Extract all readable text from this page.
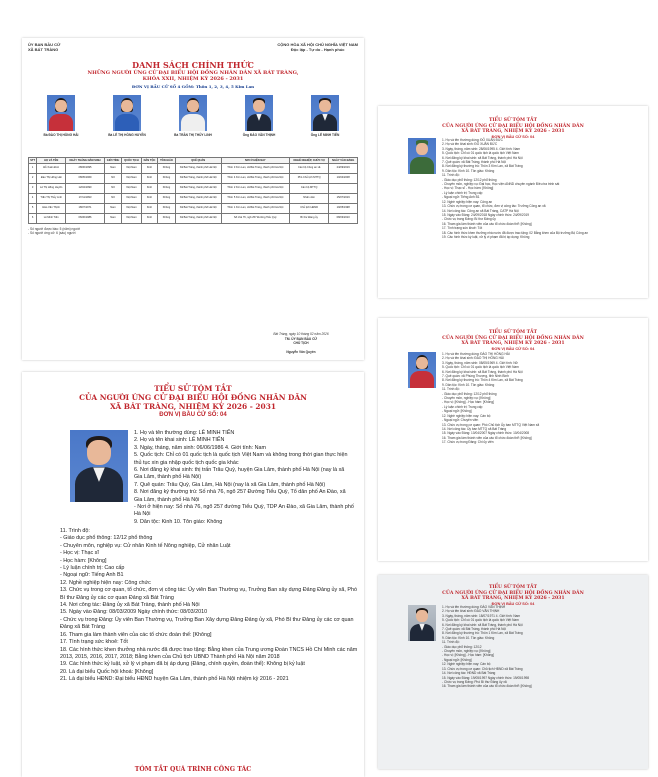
ỦY BAN BẦU CỬ
XÃ BÁT TRÀNG
CỘNG HÒA XÃ HỘI CHỦ NGHĨA VIỆT NAM
Độc lập - Tự do - Hạnh phúc
DANH SÁCH CHÍNH THỨC
NHỮNG NGƯỜI ỨNG CỬ ĐẠI BIỂU HỘI ĐỒNG NHÂN DÂN XÃ BÁT TRÀNG,
KHÓA XXII, NHIỆM KỲ 2026 - 2031
ĐƠN VỊ BẦU CỬ SỐ 4 GỒM: Thôn 1, 2, 3, 4, 5 Kim Lan
Bà ĐÀO THỊ HỒNG HẢI	Bà LÊ THỊ HỒNG HUYỀN	Bà TRẦN THỊ THỦY LINH	Ông ĐÀO VĂN THỊNH	Ông LÊ MINH TIẾN
STT	HỌ VÀ TÊN	NGÀY THÁNG NĂM SINH	GIỚI TÍNH	QUỐC TỊCH	DÂN TỘC	TÔN GIÁO	QUÊ QUÁN	NƠI Ở HIỆN NAY	NGHỀ NGHIỆP, CHỨC VỤ	NGÀY VÀO ĐẢNG
1	Đỗ Xuân Đức	28/06/1995	Nam	Việt Nam	Kinh	Không	Xã Bát Tràng, thành phố Hà Nội	Thôn 3 Kim Lan, xã Bát Tràng, thành phố Hà Nội	Cán bộ Công an xã	24/09/2019
2	Đào Thị Hồng Hải	08/05/1969	Nữ	Việt Nam	Kinh	Không	Xã Bát Tràng, thành phố Hà Nội	Thôn 4 Kim Lan, xã Bát Tràng, thành phố Hà Nội	Phó Chủ tịch MTTQ	10/04/2008
3	Lê Thị Hồng Huyền	12/04/1990	Nữ	Việt Nam	Kinh	Không	Xã Bát Tràng, thành phố Hà Nội	Thôn 2 Kim Lan, xã Bát Tràng, thành phố Hà Nội	Cán bộ MTTQ	
4	Trần Thị Thủy Linh	17/11/1993	Nữ	Việt Nam	Kinh	Không	Xã Bát Tràng, thành phố Hà Nội	Thôn 5 Kim Lan, xã Bát Tràng, thành phố Hà Nội	Nhân viên	15/07/2019
5	Đào Văn Thịnh	18/07/1971	Nam	Việt Nam	Kinh	Không	Xã Bát Tràng, thành phố Hà Nội	Thôn 1 Kim Lan, xã Bát Tràng, thành phố Hà Nội	Chủ tịch HĐND	19/05/1998
6	Lê Minh Tiến	06/06/1986	Nam	Việt Nam	Kinh	Không	Xã Bát Tràng, thành phố Hà Nội	Số nhà 76, ngõ 257 Đường Tiểu Quỳ	Bí thư Đảng ủy	08/03/2010
- Số người được bầu: 5 (năm) người
- Số người ứng cử: 6 (sáu) người
Bát Tràng, ngày 10 tháng 02 năm 2026
TM. ỦY BAN BẦU CỬ
CHỦ TỊCH
Nguyễn Văn Quyền
TIỂU SỬ TÓM TẮT
CỦA NGƯỜI ỨNG CỬ ĐẠI BIỂU HỘI ĐỒNG NHÂN DÂN
XÃ BÁT TRÀNG, NHIỆM KỲ 2026 - 2031
ĐƠN VỊ BẦU CỬ SỐ: 04
1. Họ và tên thường dùng: LÊ MINH TIẾN
2. Họ và tên khai sinh: LÊ MINH TIẾN
3. Ngày, tháng, năm sinh: 06/06/1986 4. Giới tính: Nam
5. Quốc tịch: Chỉ có 01 quốc tịch là quốc tịch Việt Nam và không trong thời gian thực hiện thủ tục xin gia nhập quốc tịch quốc gia khác
6. Nơi đăng ký khai sinh: thị trấn Trâu Quỳ, huyện Gia Lâm, thành phố Hà Nội (nay là xã Gia Lâm, thành phố Hà Nội)
7. Quê quán: Trâu Quỳ, Gia Lâm, Hà Nội (nay là xã Gia Lâm, thành phố Hà Nội)
8. Nơi đăng ký thường trú: Số nhà 76, ngõ 257 Đường Tiểu Quỳ, Tổ dân phố An Đào, xã Gia Lâm, thành phố Hà Nội
- Nơi ở hiện nay: Số nhà 76, ngõ 257 đường Tiểu Quỳ, TDP An Đào, xã Gia Lâm, thành phố Hà Nội
9. Dân tộc: Kinh 10. Tôn giáo: Không
11. Trình độ:
- Giáo dục phổ thông: 12/12 phổ thông
- Chuyên môn, nghiệp vụ: Cử nhân Kinh tế Nông nghiệp, Cử nhân Luật
- Học vị: Thạc sĩ
- Học hàm: [Không]
- Lý luận chính trị: Cao cấp
- Ngoại ngữ: Tiếng Anh B1
12. Nghề nghiệp hiện nay: Công chức
13. Chức vụ trong cơ quan, tổ chức, đơn vị công tác: Ủy viên Ban Thường vụ, Trưởng Ban xây dựng Đảng Đảng ủy xã, Phó Bí thư Đảng ủy các cơ quan Đảng xã Bát Tràng
14. Nơi công tác: Đảng ủy xã Bát Tràng, thành phố Hà Nội
15. Ngày vào Đảng: 08/03/2009 Ngày chính thức: 08/03/2010
- Chức vụ trong Đảng: Ủy viên Ban Thường vụ, Trưởng Ban Xây dựng Đảng Đảng ủy xã, Phó Bí thư Đảng ủy các cơ quan Đảng xã Bát Tràng
16. Tham gia làm thành viên của các tổ chức đoàn thể: [Không]
17. Tình trạng sức khoẻ: Tốt
18. Các hình thức khen thưởng nhà nước đã được trao tặng: Bằng khen của Trung ương Đoàn TNCS Hồ Chí Minh các năm 2013, 2015, 2016, 2017, 2018; Bằng khen của Chủ tịch UBND Thành phố Hà Nội năm 2018
19. Các hình thức kỷ luật, xử lý vi phạm đã bị áp dụng (Đảng, chính quyền, đoàn thể): Không bị kỷ luật
20. Là đại biểu Quốc hội khoá: [Không]
21. Là đại biểu HĐND: Đại biểu HĐND huyện Gia Lâm, thành phố Hà Nội nhiệm kỳ 2016 - 2021
TÓM TẮT QUÁ TRÌNH CÔNG TÁC
TIỂU SỬ TÓM TẮT
CỦA NGƯỜI ỨNG CỬ ĐẠI BIỂU HỘI ĐỒNG NHÂN DÂN
XÃ BÁT TRÀNG, NHIỆM KỲ 2026 - 2031
ĐƠN VỊ BẦU CỬ SỐ: 04
1. Họ và tên thường dùng: ĐỖ XUÂN ĐỨC
2. Họ và tên khai sinh: ĐỖ XUÂN ĐỨC
3. Ngày, tháng, năm sinh: 28/06/1995 4. Giới tính: Nam
5. Quốc tịch: Chỉ có 01 quốc tịch là quốc tịch Việt Nam
6. Nơi đăng ký khai sinh: xã Bát Tràng, thành phố Hà Nội
7. Quê quán: xã Bát Tràng, thành phố Hà Nội
8. Nơi đăng ký thường trú: Thôn 3 Kim Lan, xã Bát Tràng
9. Dân tộc: Kinh 10. Tôn giáo: Không
11. Trình độ:
- Giáo dục phổ thông: 12/12 phổ thông
- Chuyên môn, nghiệp vụ: Đại học, Học viện ANND chuyên ngành Điều tra trinh sát
- Học vị: Thạc sĩ - Học hàm: [Không]
- Lý luận chính trị: Trung cấp
- Ngoại ngữ: Tiếng Anh B1
12. Nghề nghiệp hiện nay: Công an
13. Chức vụ trong cơ quan, tổ chức, đơn vị công tác: Trưởng Công an xã
14. Nơi công tác: Công an xã Bát Tràng, CATP Hà Nội
15. Ngày vào Đảng: 24/09/2018 Ngày chính thức: 24/09/2019
- Chức vụ trong Đảng: Bí thư Đảng ủy
16. Tham gia làm thành viên của các tổ chức đoàn thể: [Không]
17. Tình trạng sức khoẻ: Tốt
18. Các hình thức khen thưởng nhà nước đã được trao tặng: 02 Bằng khen của Bộ trưởng Bộ Công an
19. Các hình thức kỷ luật, xử lý vi phạm đã bị áp dụng: Không
TIỂU SỬ TÓM TẮT
CỦA NGƯỜI ỨNG CỬ ĐẠI BIỂU HỘI ĐỒNG NHÂN DÂN
XÃ BÁT TRÀNG, NHIỆM KỲ 2026 - 2031
ĐƠN VỊ BẦU CỬ SỐ: 04
1. Họ và tên thường dùng: ĐÀO THỊ HỒNG HẢI
2. Họ và tên khai sinh: ĐÀO THỊ HỒNG HẢI
3. Ngày, tháng, năm sinh: 08/05/1969 4. Giới tính: Nữ
5. Quốc tịch: Chỉ có 01 quốc tịch là quốc tịch Việt Nam
6. Nơi đăng ký khai sinh: xã Bát Tràng, thành phố Hà Nội
7. Quê quán: xã Phúng Thượng, tỉnh Ninh Bình
8. Nơi đăng ký thường trú: Thôn 4 Kim Lan, xã Bát Tràng
9. Dân tộc: Kinh 10. Tôn giáo: Không
11. Trình độ:
- Giáo dục phổ thông: 12/12 phổ thông
- Chuyên môn, nghiệp vụ: [Không]
- Học vị: [Không] - Học hàm: [Không]
- Lý luận chính trị: Trung cấp
- Ngoại ngữ: [Không]
12. Nghề nghiệp hiện nay: Cán bộ
- Ngoại ngữ: Chuyên viên
13. Chức vụ trong cơ quan: Phó Chủ tịch Ủy ban MTTQ Việt Nam xã
14. Nơi công tác: Ủy ban MTTQ xã Bát Tràng
15. Ngày vào Đảng: 10/04/2007 Ngày chính thức: 10/04/2008
16. Tham gia làm thành viên của các tổ chức đoàn thể: [Không]
17. Chức vụ trong Đảng: Chi ủy viên
TIỂU SỬ TÓM TẮT
CỦA NGƯỜI ỨNG CỬ ĐẠI BIỂU HỘI ĐỒNG NHÂN DÂN
XÃ BÁT TRÀNG, NHIỆM KỲ 2026 - 2031
ĐƠN VỊ BẦU CỬ SỐ: 04
1. Họ và tên thường dùng: ĐÀO VĂN THỊNH
2. Họ và tên khai sinh: ĐÀO VĂN THỊNH
3. Ngày, tháng, năm sinh: 18/07/1971 4. Giới tính: Nam
5. Quốc tịch: Chỉ có 01 quốc tịch là quốc tịch Việt Nam
6. Nơi đăng ký khai sinh: xã Bát Tràng, thành phố Hà Nội
7. Quê quán: xã Bát Tràng, thành phố Hà Nội
8. Nơi đăng ký thường trú: Thôn 1 Kim Lan, xã Bát Tràng
9. Dân tộc: Kinh 10. Tôn giáo: Không
11. Trình độ:
- Giáo dục phổ thông: 12/12
- Chuyên môn, nghiệp vụ: [Không]
- Học vị: [Không] - Học hàm: [Không]
- Ngoại ngữ: [Không]
12. Nghề nghiệp hiện nay: Cán bộ
13. Chức vụ trong cơ quan: Chủ tịch HĐND xã Bát Tràng
14. Nơi công tác: HĐND xã Bát Tràng
15. Ngày vào Đảng: 19/05/1997 Ngày chính thức: 19/05/1998
- Chức vụ trong Đảng: Phó Bí thư Đảng ủy xã
16. Tham gia làm thành viên của các tổ chức đoàn thể: [Không]
